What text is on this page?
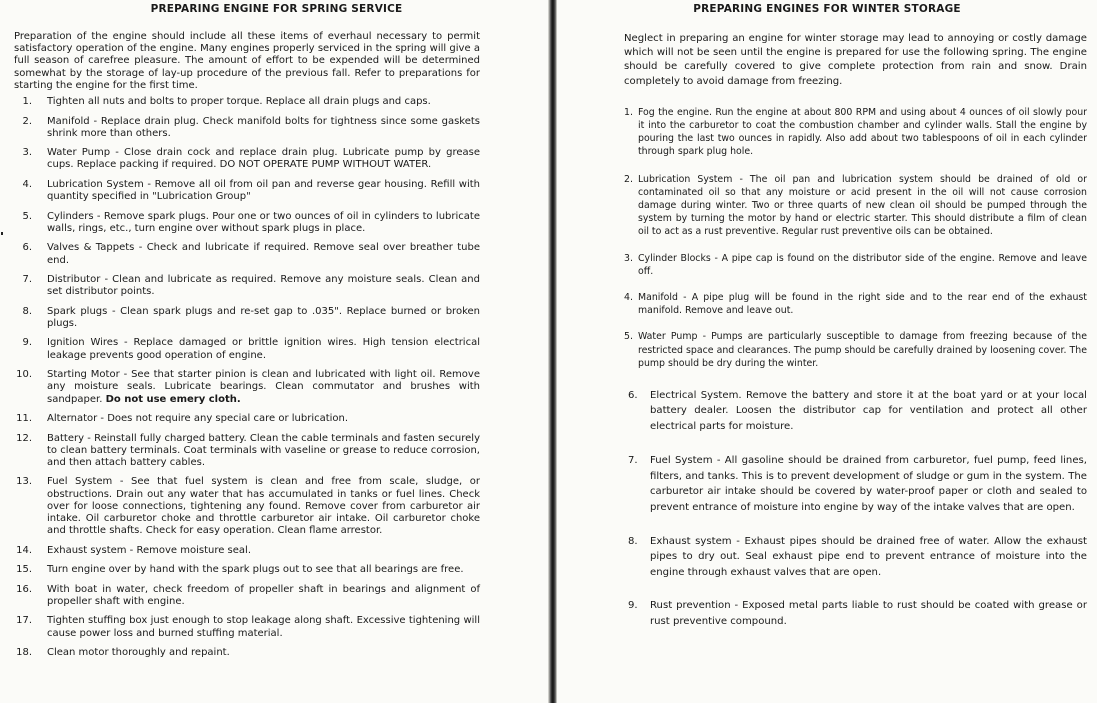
PREPARING ENGINE FOR SPRING SERVICE

Preparation of the engine should include all these items of everhaul necessary to permit satisfactory operation of the engine. Many engines properly serviced in the spring will give a full season of carefree pleasure. The amount of effort to be expended will be determined somewhat by the storage of lay-up procedure of the previous fall. Refer to preparations for starting the engine for the first time.

1. Tighten all nuts and bolts to proper torque. Replace all drain plugs and caps.
2. Manifold - Replace drain plug. Check manifold bolts for tightness since some gaskets shrink more than others.
3. Water Pump - Close drain cock and replace drain plug. Lubricate pump by grease cups. Replace packing if required. DO NOT OPERATE PUMP WITHOUT WATER.
4. Lubrication System - Remove all oil from oil pan and reverse gear housing. Refill with quantity specified in "Lubrication Group"
5. Cylinders - Remove spark plugs. Pour one or two ounces of oil in cylinders to lubricate walls, rings, etc., turn engine over without spark plugs in place.
6. Valves & Tappets - Check and lubricate if required. Remove seal over breather tube end.
7. Distributor - Clean and lubricate as required. Remove any moisture seals. Clean and set distributor points.
8. Spark plugs - Clean spark plugs and re-set gap to .035". Replace burned or broken plugs.
9. Ignition Wires - Replace damaged or brittle ignition wires. High tension electrical leakage prevents good operation of engine.
10. Starting Motor - See that starter pinion is clean and lubricated with light oil. Remove any moisture seals. Lubricate bearings. Clean commutator and brushes with sandpaper. Do not use emery cloth.
11. Alternator - Does not require any special care or lubrication.
12. Battery - Reinstall fully charged battery. Clean the cable terminals and fasten securely to clean battery terminals. Coat terminals with vaseline or grease to reduce corrosion, and then attach battery cables.
13. Fuel System - See that fuel system is clean and free from scale, sludge, or obstructions. Drain out any water that has accumulated in tanks or fuel lines. Check over for loose connections, tightening any found. Remove cover from carburetor air intake. Oil carburetor choke and throttle carburetor air intake. Oil carburetor choke and throttle shafts. Check for easy operation. Clean flame arrestor.
14. Exhaust system - Remove moisture seal.
15. Turn engine over by hand with the spark plugs out to see that all bearings are free.
16. With boat in water, check freedom of propeller shaft in bearings and alignment of propeller shaft with engine.
17. Tighten stuffing box just enough to stop leakage along shaft. Excessive tightening will cause power loss and burned stuffing material.
18. Clean motor thoroughly and repaint.
PREPARING ENGINES FOR WINTER STORAGE

Neglect in preparing an engine for winter storage may lead to annoying or costly damage which will not be seen until the engine is prepared for use the following spring. The engine should be carefully covered to give complete protection from rain and snow. Drain completely to avoid damage from freezing.

1. Fog the engine. Run the engine at about 800 RPM and using about 4 ounces of oil slowly pour it into the carburetor to coat the combustion chamber and cylinder walls. Stall the engine by pouring the last two ounces in rapidly. Also add about two tablespoons of oil in each cylinder through spark plug hole.
2. Lubrication System - The oil pan and lubrication system should be drained of old or contaminated oil so that any moisture or acid present in the oil will not cause corrosion damage during winter. Two or three quarts of new clean oil should be pumped through the system by turning the motor by hand or electric starter. This should distribute a film of clean oil to act as a rust preventive. Regular rust preventive oils can be obtained.
3. Cylinder Blocks - A pipe cap is found on the distributor side of the engine. Remove and leave off.
4. Manifold - A pipe plug will be found in the right side and to the rear end of the exhaust manifold. Remove and leave out.
5. Water Pump - Pumps are particularly susceptible to damage from freezing because of the restricted space and clearances. The pump should be carefully drained by loosening cover. The pump should be dry during the winter.
6. Electrical System. Remove the battery and store it at the boat yard or at your local battery dealer. Loosen the distributor cap for ventilation and protect all other electrical parts for moisture.
7. Fuel System - All gasoline should be drained from carburetor, fuel pump, feed lines, filters, and tanks. This is to prevent development of sludge or gum in the system. The carburetor air intake should be covered by water-proof paper or cloth and sealed to prevent entrance of moisture into engine by way of the intake valves that are open.
8. Exhaust system - Exhaust pipes should be drained free of water. Allow the exhaust pipes to dry out. Seal exhaust pipe end to prevent entrance of moisture into the engine through exhaust valves that are open.
9. Rust prevention - Exposed metal parts liable to rust should be coated with grease or rust preventive compound.
